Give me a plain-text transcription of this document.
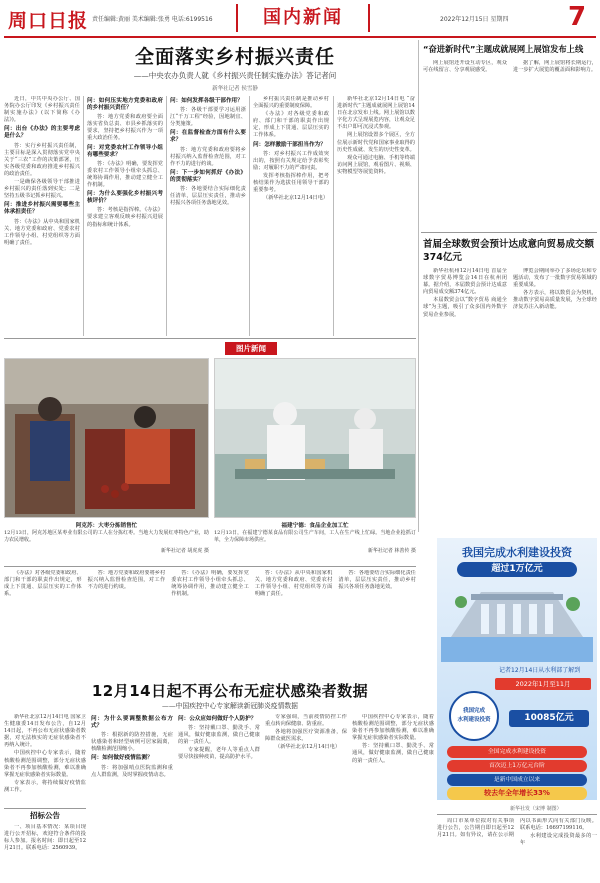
周口日报 责任编辑:黄丽 美术编辑:张勇 电话:6199516	国内新闻	2022年12月15日 星期四 7
全面落实乡村振兴责任
——中央农办负责人就《乡村振兴责任制实施办法》答记者问
新华社记者 侯雪静

近日，中共中央办公厅、国务院办公厅印发《乡村振兴责任制实施办法》(以下简称《办法》)。

问：出台《办法》的主要考虑是什么？

答：实行乡村振兴责任制，主要目标是深入贯彻落实党中央关于“三农”工作的决策部署，压实各级党委和政府推进乡村振兴的政治责任。

一是确保各级领导干部推进乡村振兴的责任落到实处；二是坚持五级书记抓乡村振兴。

问：推进乡村振兴需要哪些主体承担责任？

答：《办法》从中央和国家机关、地方党委和政府、党委农村工作领导小组、村党组织等方面明确了责任。

问：如何压实地方党委和政府的乡村振兴责任？

答：地方党委和政府要全面落实省负总责、市县乡抓落实的要求，坚持把乡村振兴作为一项重大政治任务。

问：对党委农村工作领导小组有哪些要求？

答：《办法》明确，要发挥党委农村工作领导小组牵头抓总、统筹协调作用，推动建立健全工作机制。

问：为什么要强化乡村振兴考核评价？

答：考核是指挥棒。《办法》要求建立客观反映乡村振兴进展的指标和统计体系。

问：如何发挥各级干部作用？

答：各级干部要学习运用浙江“千万工程”经验，因地制宜、分类施策。

问：在监督检查方面有什么要求？

答：地方党委和政府要将乡村振兴纳入监督检查范围，对工作不力的进行约谈。

问：下一步如何抓好《办法》的贯彻落实？

答：各地要结合实际细化责任清单，层层压实责任，推动乡村振兴各项任务落地见效。

乡村振兴责任制是推动乡村全面振兴的重要制度保障。

《办法》对各级党委和政府、部门和干部的职责作出规定，形成上下贯通、层层压实的工作体系。

问：怎样激励干部担当作为？

答：对乡村振兴工作成效突出的，按照有关规定给予表彰奖励；对履职不力的严肃问责。

发挥考核指挥棒作用，把考核结果作为选拔任用领导干部的重要参考。

（新华社北京12月14日电）

“奋进新时代”主题成就展网上展馆发布上线

新华社北京12月14日电 “奋进新时代”主题成就展网上展馆14日在北京发布上线。网上展馆以数字化方式呈现展览内容，让观众足不出户即可沉浸式参观。

网上展馆设置多个展区，全方位展示新时代党和国家事业取得的历史性成就、发生的历史性变革。

观众可通过电脑、手机等终端访问网上展馆，观看图片、视频、实物模型等展览资料。

网上展馆还开设互动专区，观众可在线留言、分享观展感受。

据了解，网上展馆将长期运行，进一步扩大展览的覆盖面和影响力。

首届全球数贸会预计达成意向贸易成交额374亿元

新华社杭州12月14日电 首届全球数字贸易博览会14日在杭州闭幕。据介绍，本届数贸会预计达成意向贸易成交额374亿元。

本届数贸会以“数字贸易 商通全球”为主题，吸引了众多国内外数字贸易企业参展。

博览会期间举办了多场论坛和专题活动，发布了一批数字贸易领域的重要成果。

各方表示，将以数贸会为契机，推动数字贸易高质量发展，为全球经济复苏注入新动能。

图片新闻
阿克苏：大枣分拣销售忙
12月13日，阿克苏地区某枣业有限公司的工人在分拣红枣。当地大力发展红枣特色产业，助力农民增收。
新华社记者 胡虎虎 摄
福建宁德：食品企业加工忙
12月13日，在福建宁德某食品有限公司生产车间，工人在生产线上忙碌。当地企业抢抓订单，全力保障市场供应。
新华社记者 林善传 摄

《办法》对各级党委和政府、部门和干部的职责作出规定，形成上下贯通、层层压实的工作体系。

答：地方党委和政府要将乡村振兴纳入监督检查范围，对工作不力的进行约谈。

答：《办法》明确，要发挥党委农村工作领导小组牵头抓总、统筹协调作用，推动建立健全工作机制。

答：《办法》从中央和国家机关、地方党委和政府、党委农村工作领导小组、村党组织等方面明确了责任。

答：各地要结合实际细化责任清单，层层压实责任，推动乡村振兴各项任务落地见效。

12月14日起不再公布无症状感染者数据
——中国疾控中心专家解读新冠肺炎疫情数据

新华社北京12月14日电 国家卫生健康委14日发布公告，自12月14日起，不再公布无症状感染者数据，对无法核实的无症状感染者不再纳入统计。

中国疾控中心专家表示，随着核酸检测范围调整，部分无症状感染者不再参加核酸检测，难以准确掌握无症状感染者实际数量。

专家表示，将持续做好疫情监测工作。

问：为什么要调整数据公布方式？

答：根据新的防控措施，无症状感染者和轻型病例可居家隔离，核酸检测范围缩小。

问：如何做好疫情监测？

答：将加强哨点医院监测和重点人群监测，及时掌握疫情动态。

问：公众应如何做好个人防护？

答：坚持戴口罩、勤洗手、常通风，做好健康监测，做自己健康的第一责任人。

专家提醒，老年人等重点人群要尽快接种疫苗，提高防护水平。

专家强调，当前疫情防控工作重点转向保健康、防重症。

各地将加强医疗资源准备，保障群众就医需求。

（新华社北京12月14日电）

中国疾控中心专家表示，随着核酸检测范围调整，部分无症状感染者不再参加核酸检测，难以准确掌握无症状感染者实际数量。

答：坚持戴口罩、勤洗手、常通风，做好健康监测，做自己健康的第一责任人。

招标公告

一、项目基本情况：某项目现进行公开招标，欢迎符合条件的投标人参加。报名时间：即日起至12月21日。联系电话：2560939。

我国完成水利建设投资
超过1万亿元
记者12月14日从水利部了解到
2022年1月至11月
我国完成
水利建设投资	10085亿元
全国完成水利建设投资
首次迈上1万亿元台阶
是新中国成立以来
较去年全年增长33%
新华社发（宋博 制图）

周口市某单位拟对有关事项进行公告，公告期自即日起至12月21日。如有异议，请在公示期内以书面形式向有关部门反映。联系电话：16697199116。

水利建设完成投资最多的一年
